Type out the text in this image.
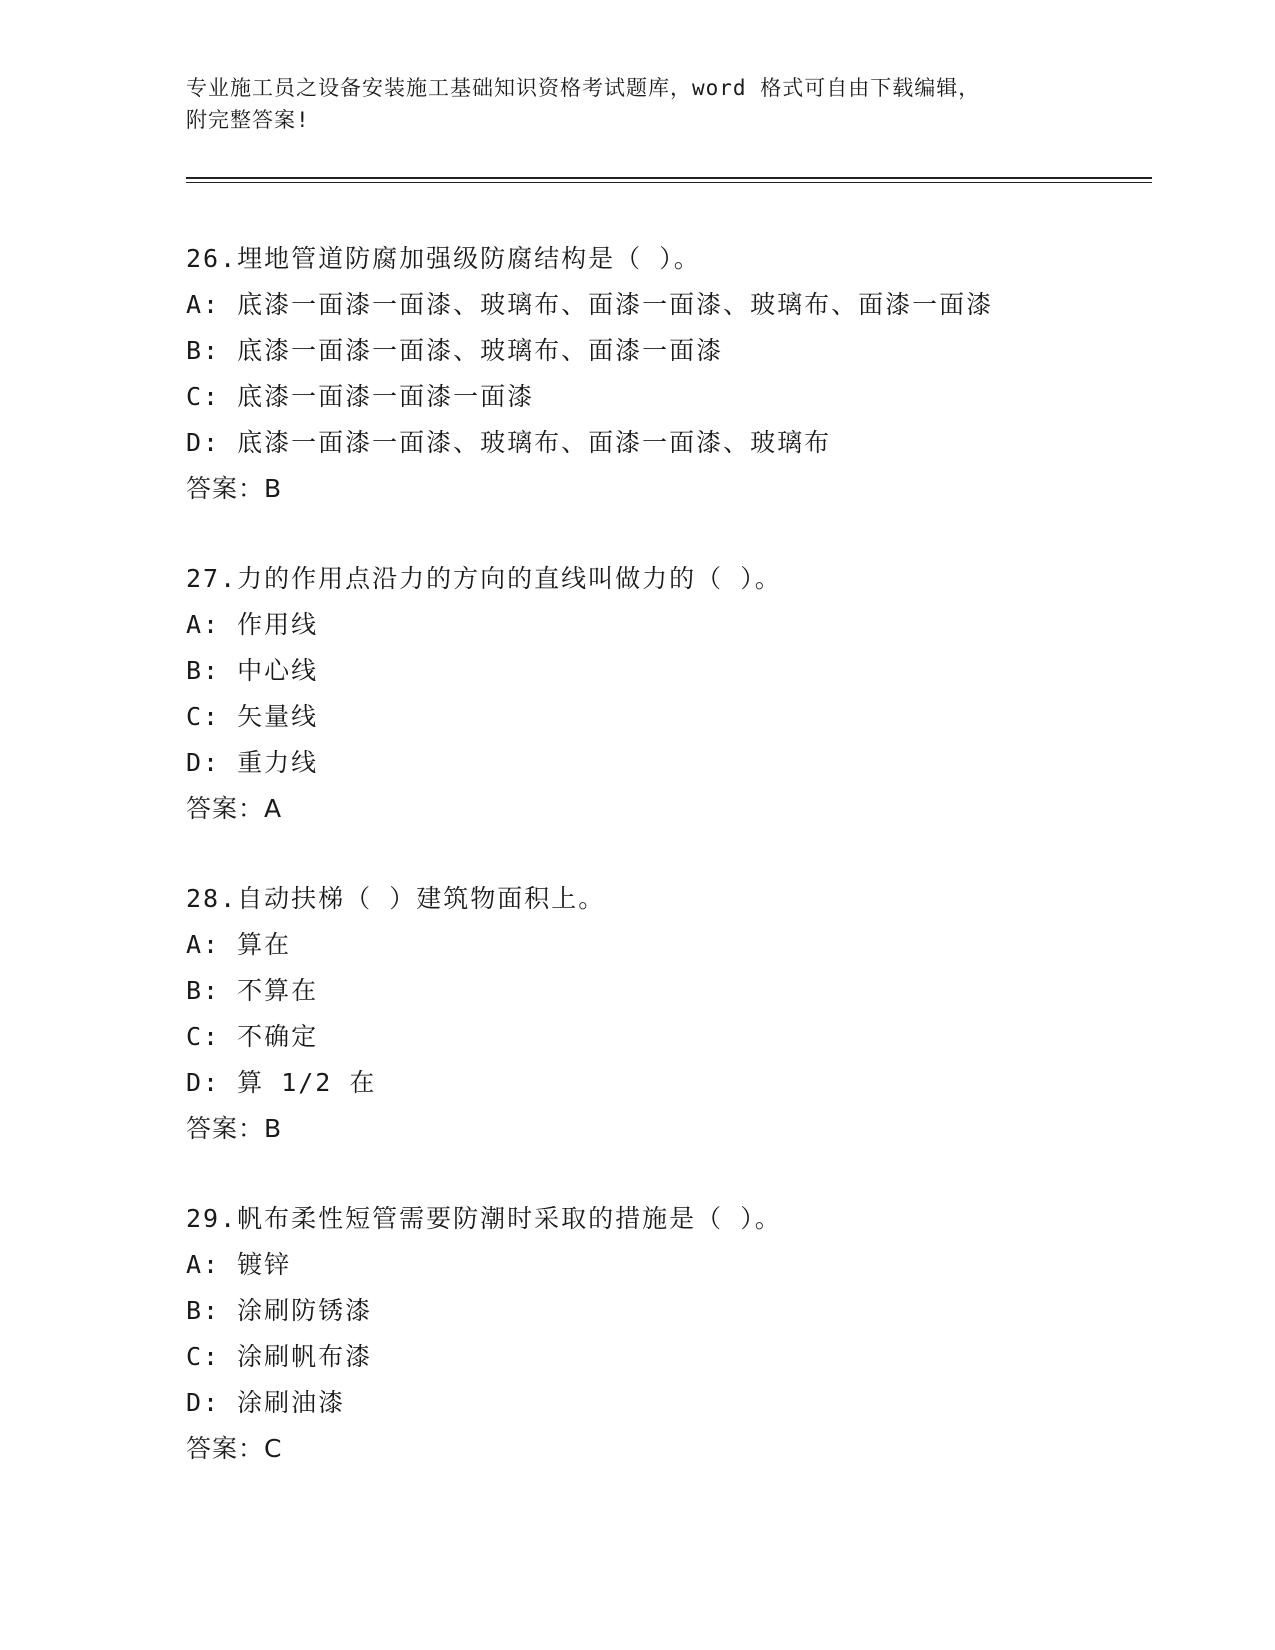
专业施工员之设备安装施工基础知识资格考试题库，word 格式可自由下载编辑，
附完整答案!
26.埋地管道防腐加强级防腐结构是（ ）。
A: 底漆一面漆一面漆、玻璃布、面漆一面漆、玻璃布、面漆一面漆
B: 底漆一面漆一面漆、玻璃布、面漆一面漆
C: 底漆一面漆一面漆一面漆
D: 底漆一面漆一面漆、玻璃布、面漆一面漆、玻璃布
答案：B
27.力的作用点沿力的方向的直线叫做力的（ ）。
A: 作用线
B: 中心线
C: 矢量线
D: 重力线
答案：A
28.自动扶梯（ ）建筑物面积上。
A: 算在
B: 不算在
C: 不确定
D: 算 1/2 在
答案：B
29.帆布柔性短管需要防潮时采取的措施是（ ）。
A: 镀锌
B: 涂刷防锈漆
C: 涂刷帆布漆
D: 涂刷油漆
答案：C
